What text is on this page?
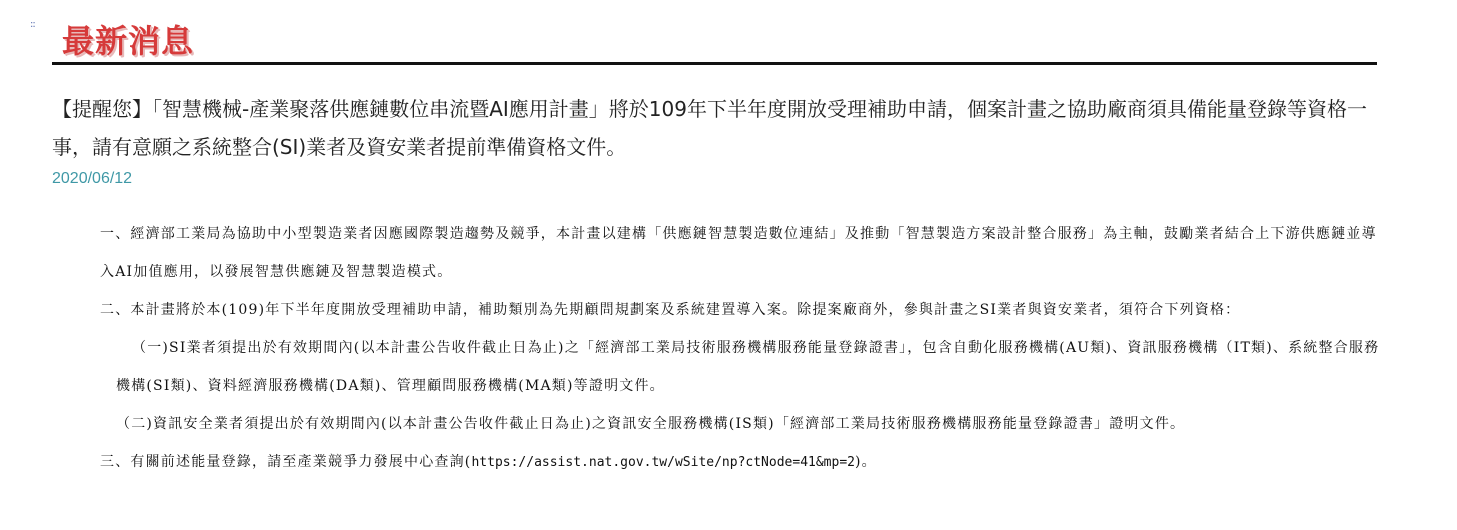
:: 最新消息

【提醒您】「智慧機械-產業聚落供應鏈數位串流暨AI應用計畫」將於109年下半年度開放受理補助申請，個案計畫之協助廠商須具備能量登錄等資格一事，請有意願之系統整合(SI)業者及資安業者提前準備資格文件。

2020/06/12

一、經濟部工業局為協助中小型製造業者因應國際製造趨勢及競爭，本計畫以建構「供應鏈智慧製造數位連結」及推動「智慧製造方案設計整合服務」為主軸，鼓勵業者結合上下游供應鏈並導入AI加值應用，以發展智慧供應鏈及智慧製造模式。

二、本計畫將於本(109)年下半年度開放受理補助申請，補助類別為先期顧問規劃案及系統建置導入案。除提案廠商外，參與計畫之SI業者與資安業者，須符合下列資格：

（一)SI業者須提出於有效期間內(以本計畫公告收件截止日為止)之「經濟部工業局技術服務機構服務能量登錄證書」，包含自動化服務機構(AU類)、資訊服務機構（IT類)、系統整合服務機構(SI類)、資料經濟服務機構(DA類)、管理顧問服務機構(MA類)等證明文件。

（二)資訊安全業者須提出於有效期間內(以本計畫公告收件截止日為止)之資訊安全服務機構(IS類)「經濟部工業局技術服務機構服務能量登錄證書」證明文件。

三、有關前述能量登錄，請至產業競爭力發展中心查詢(https://assist.nat.gov.tw/wSite/np?ctNode=41&mp=2)。
